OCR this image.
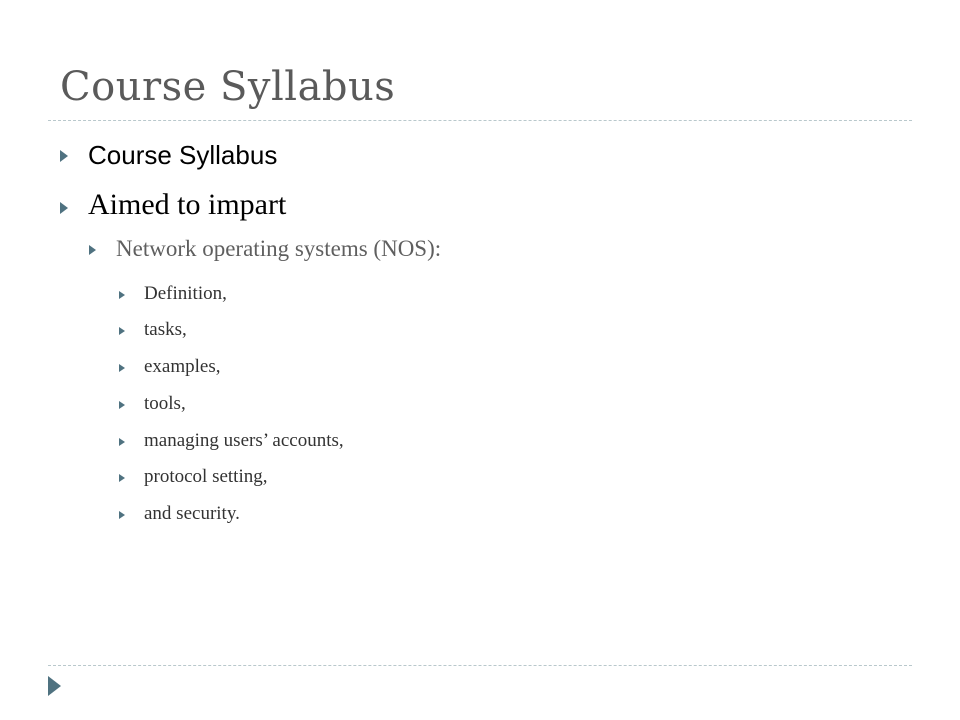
Course Syllabus
Course Syllabus
Aimed to impart
Network operating systems (NOS):
Definition,
tasks,
examples,
tools,
managing users’ accounts,
protocol setting,
and security.
